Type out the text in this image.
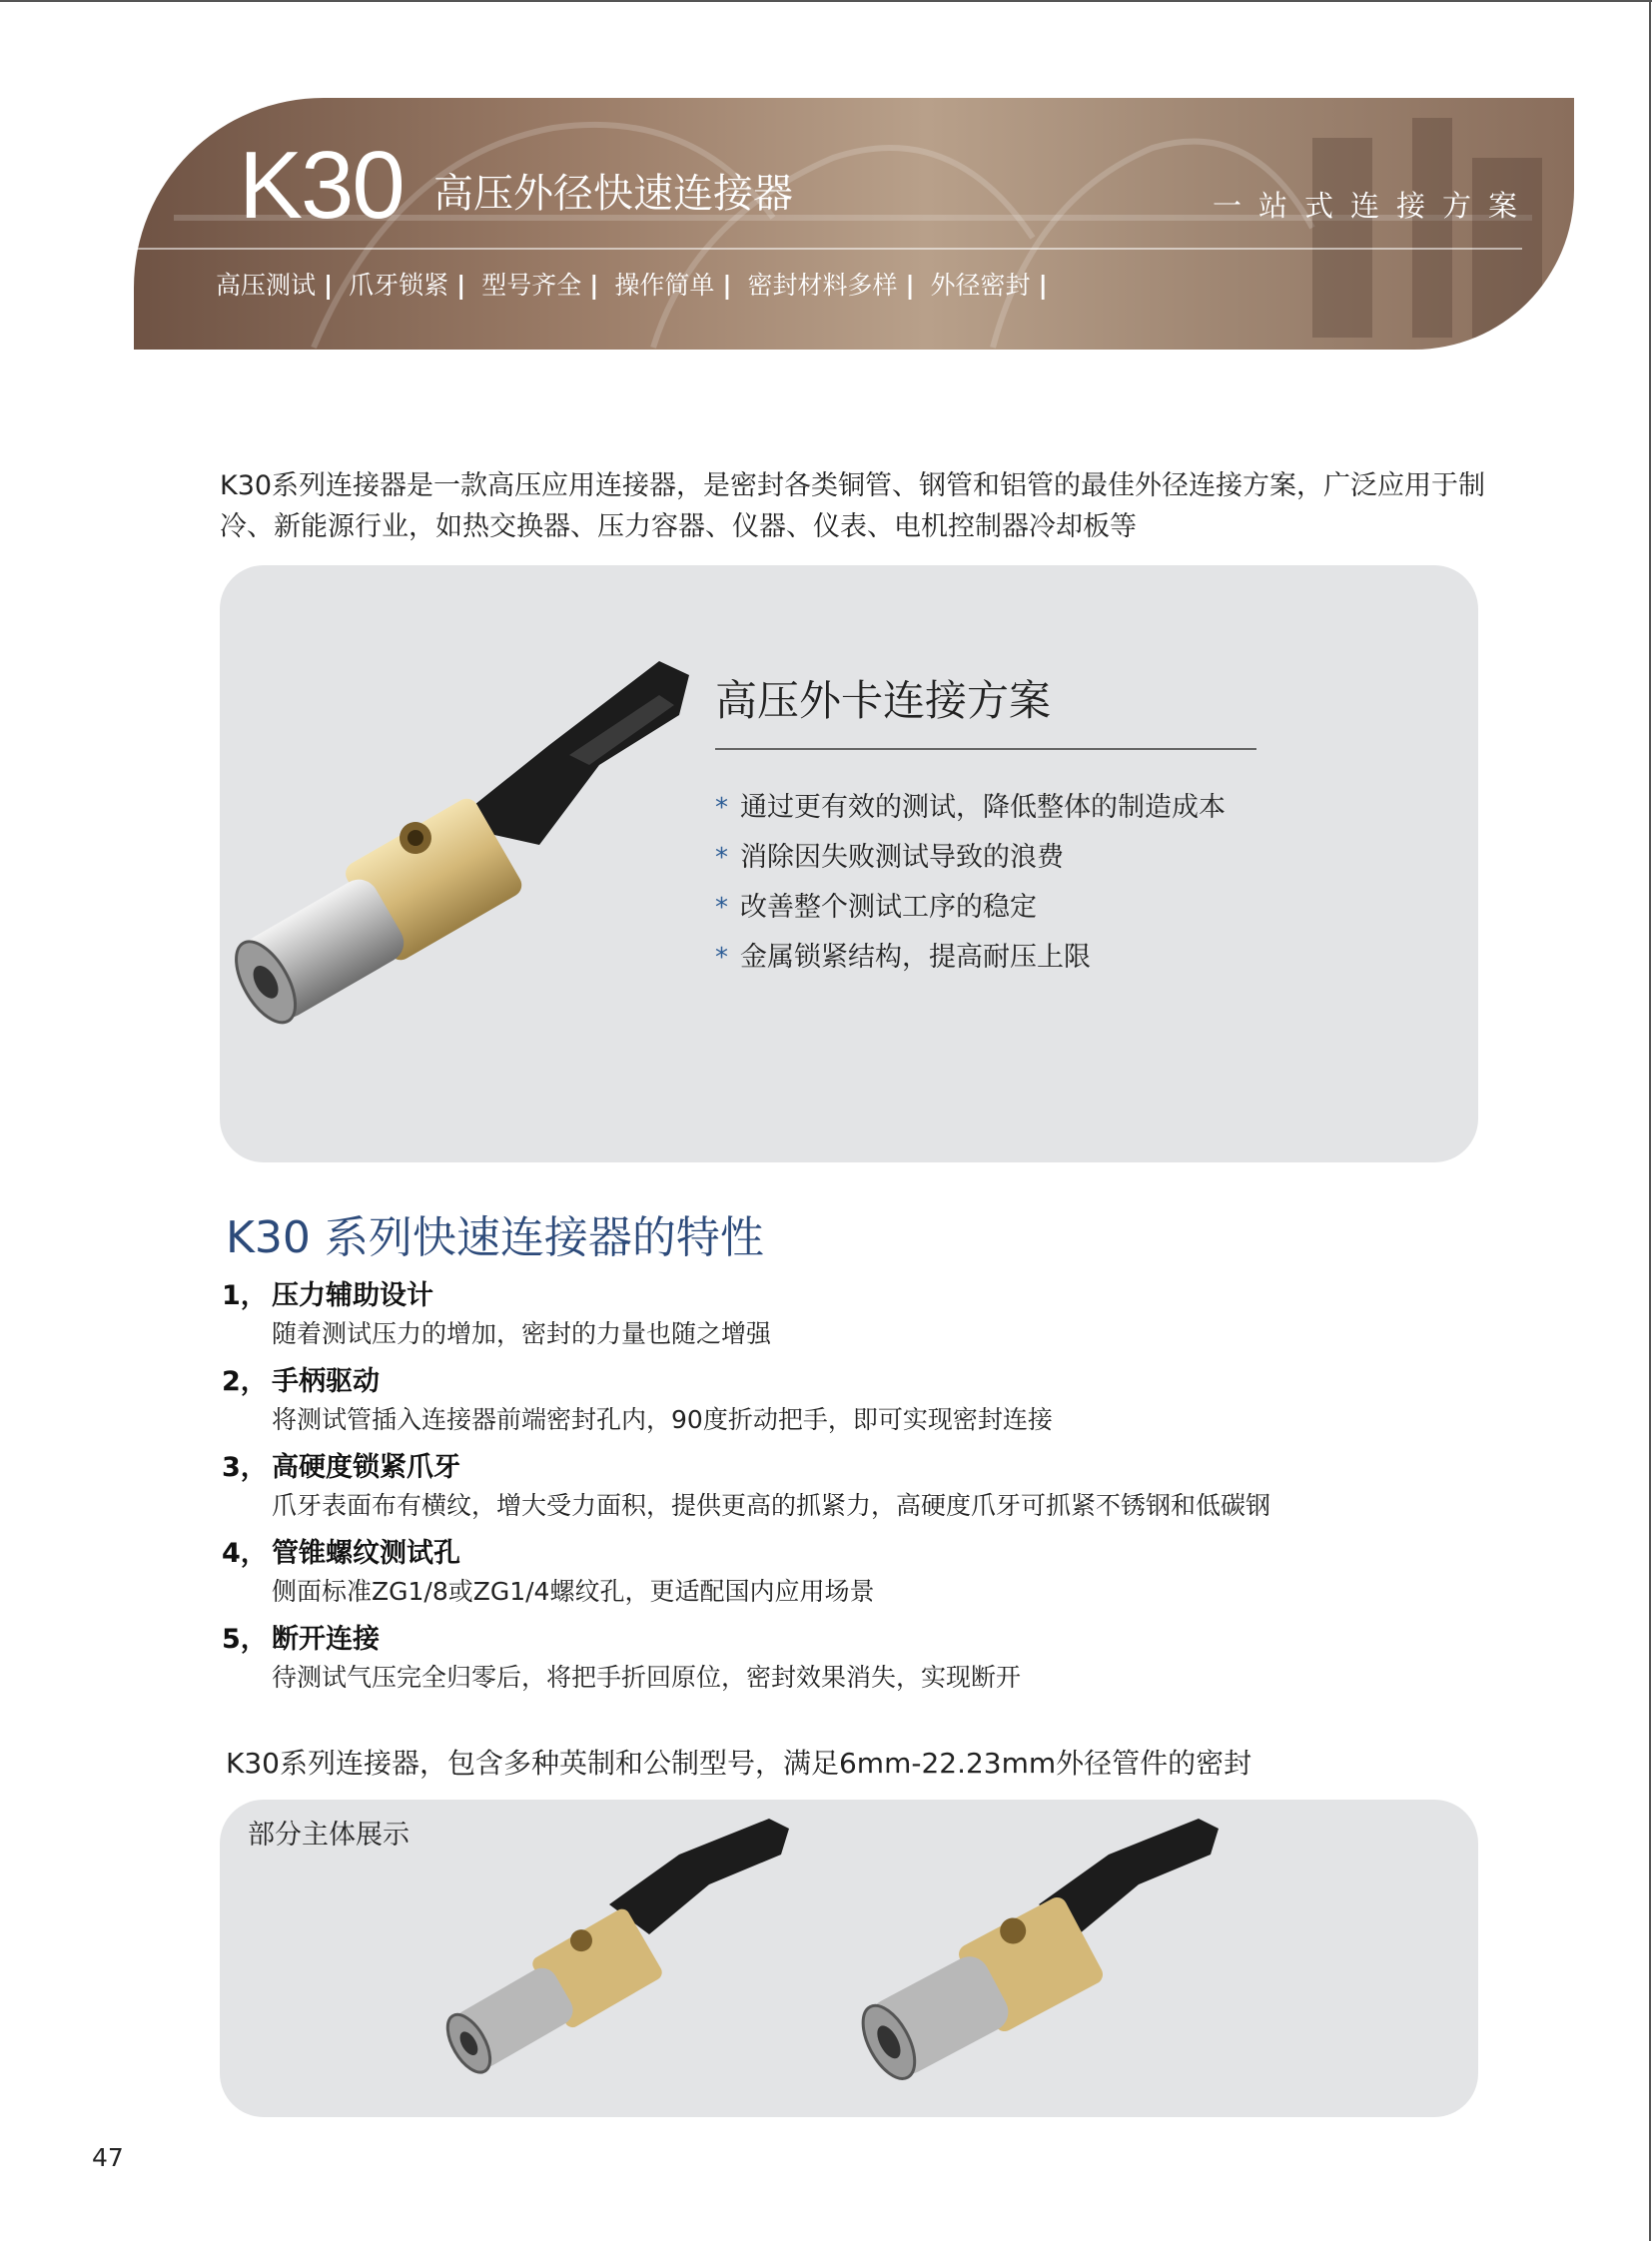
K30 高压外径快速连接器	一站式连接方案
高压测试 | 爪牙锁紧 | 型号齐全 | 操作简单 | 密封材料多样 | 外径密封 |
K30系列连接器是一款高压应用连接器，是密封各类铜管、钢管和铝管的最佳外径连接方案，广泛应用于制冷、新能源行业，如热交换器、压力容器、仪器、仪表、电机控制器冷却板等
高压外卡连接方案
* 通过更有效的测试，降低整体的制造成本
* 消除因失败测试导致的浪费
* 改善整个测试工序的稳定
* 金属锁紧结构，提高耐压上限
K30 系列快速连接器的特性
1， 压力辅助设计
随着测试压力的增加，密封的力量也随之增强
2， 手柄驱动
将测试管插入连接器前端密封孔内，90度折动把手，即可实现密封连接
3， 高硬度锁紧爪牙
爪牙表面布有横纹，增大受力面积，提供更高的抓紧力，高硬度爪牙可抓紧不锈钢和低碳钢
4， 管锥螺纹测试孔
侧面标准ZG1/8或ZG1/4螺纹孔，更适配国内应用场景
5， 断开连接
待测试气压完全归零后，将把手折回原位，密封效果消失，实现断开
K30系列连接器，包含多种英制和公制型号，满足6mm-22.23mm外径管件的密封
部分主体展示
47
